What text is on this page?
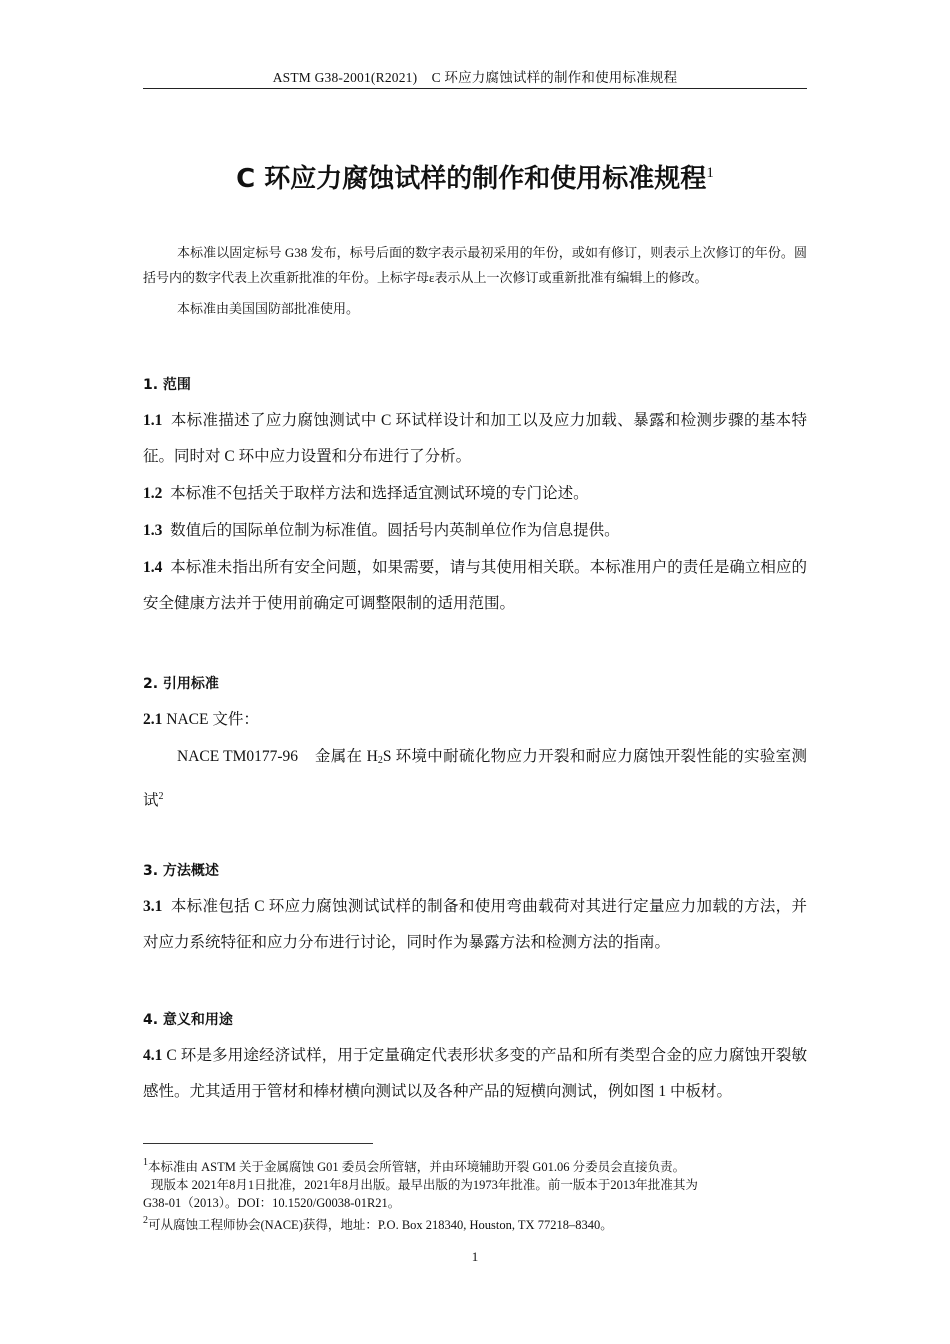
ASTM G38-2001(R2021) C 环应力腐蚀试样的制作和使用标准规程
C 环应力腐蚀试样的制作和使用标准规程$^1$
本标准以固定标号 G38 发布，标号后面的数字表示最初采用的年份，或如有修订，则表示上次修订的年份。圆括号内的数字代表上次重新批准的年份。上标字母ε表示从上一次修订或重新批准有编辑上的修改。
本标准由美国国防部批准使用。
1. 范围
1.1 本标准描述了应力腐蚀测试中 C 环试样设计和加工以及应力加载、暴露和检测步骤的基本特征。同时对 C 环中应力设置和分布进行了分析。
1.2 本标准不包括关于取样方法和选择适宜测试环境的专门论述。
1.3 数值后的国际单位制为标准值。圆括号内英制单位作为信息提供。
1.4 本标准未指出所有安全问题，如果需要，请与其使用相关联。本标准用户的责任是确立相应的安全健康方法并于使用前确定可调整限制的适用范围。
2. 引用标准
2.1 NACE 文件：
NACE TM0177-96 金属在 $H_2S$ 环境中耐硫化物应力开裂和耐应力腐蚀开裂性能的实验室测试$^2$
3. 方法概述
3.1 本标准包括 C 环应力腐蚀测试试样的制备和使用弯曲载荷对其进行定量应力加载的方法，并对应力系统特征和应力分布进行讨论，同时作为暴露方法和检测方法的指南。
4. 意义和用途
4.1 C 环是多用途经济试样，用于定量确定代表形状多变的产品和所有类型合金的应力腐蚀开裂敏感性。尤其适用于管材和棒材横向测试以及各种产品的短横向测试，例如图 1 中板材。
$^1$本标准由 ASTM 关于金属腐蚀 G01 委员会所管辖，并由环境辅助开裂 G01.06 分委员会直接负责。
现版本 2021年8月1日批准，2021年8月出版。最早出版的为1973年批准。前一版本于2013年批准其为
G38-01（2013）。DOI：10.1520/G0038-01R21。
$^2$可从腐蚀工程师协会(NACE)获得，地址：P.O. Box 218340, Houston, TX 77218–8340。
1
